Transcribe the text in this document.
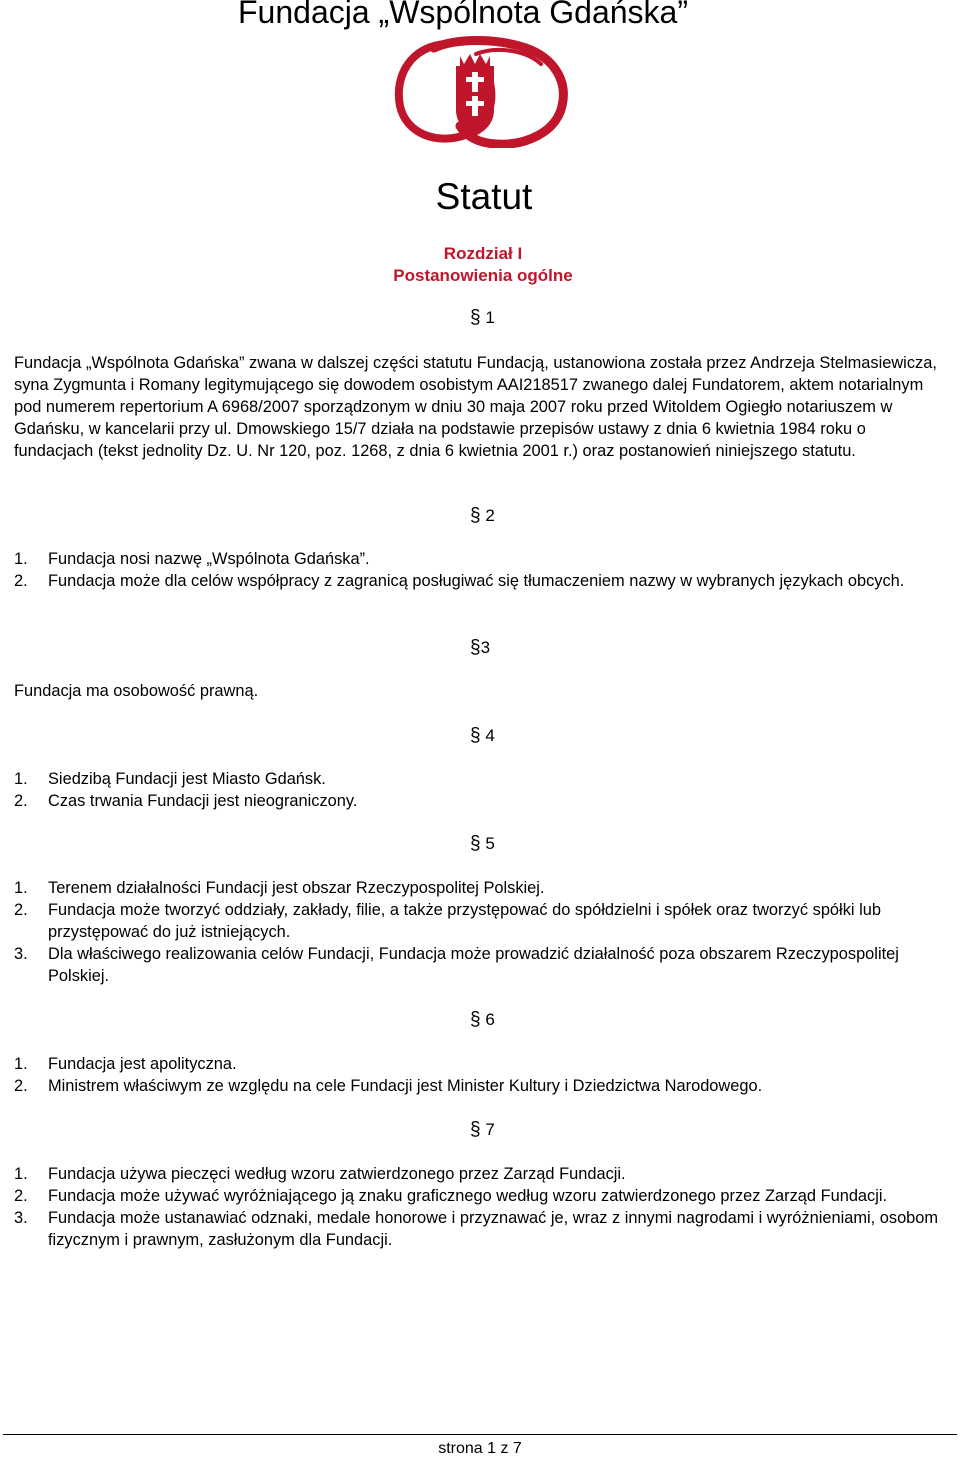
Fundacja „Wspólnota Gdańska”
Statut
Rozdział I
Postanowienia ogólne
§ 1
Fundacja „Wspólnota Gdańska” zwana w dalszej części statutu Fundacją, ustanowiona została przez Andrzeja Stelmasiewicza, syna Zygmunta i Romany legitymującego się dowodem osobistym AAI218517 zwanego dalej Fundatorem, aktem notarialnym pod numerem repertorium A 6968/2007 sporządzonym w dniu 30 maja 2007 roku przed Witoldem Ogiegło notariuszem w Gdańsku, w kancelarii przy ul. Dmowskiego 15/7 działa na podstawie przepisów ustawy z dnia 6 kwietnia 1984 roku o fundacjach (tekst jednolity Dz. U. Nr 120, poz. 1268, z dnia 6 kwietnia 2001 r.) oraz postanowień niniejszego statutu.
§ 2
1.	Fundacja nosi nazwę „Wspólnota Gdańska”.
2.	Fundacja może dla celów współpracy z zagranicą posługiwać się tłumaczeniem nazwy w wybranych językach obcych.
§3
Fundacja ma osobowość prawną.
§ 4
1.	Siedzibą Fundacji jest Miasto Gdańsk.
2.	Czas trwania Fundacji jest nieograniczony.
§ 5
1.	Terenem działalności Fundacji jest obszar Rzeczypospolitej Polskiej.
2.	Fundacja może tworzyć oddziały, zakłady, filie, a także przystępować do spółdzielni i spółek oraz tworzyć spółki lub przystępować do już istniejących.
3.	Dla właściwego realizowania celów Fundacji, Fundacja może prowadzić działalność poza obszarem Rzeczypospolitej Polskiej.
§ 6
1.	Fundacja jest apolityczna.
2.	Ministrem właściwym ze względu na cele Fundacji jest Minister Kultury i Dziedzictwa Narodowego.
§ 7
1.	Fundacja używa pieczęci według wzoru zatwierdzonego przez Zarząd Fundacji.
2.	Fundacja może używać wyróżniającego ją znaku graficznego według wzoru zatwierdzonego przez Zarząd Fundacji.
3.	Fundacja może ustanawiać odznaki, medale honorowe i przyznawać je, wraz z innymi nagrodami i wyróżnieniami, osobom fizycznym i prawnym, zasłużonym dla Fundacji.
strona 1 z 7
